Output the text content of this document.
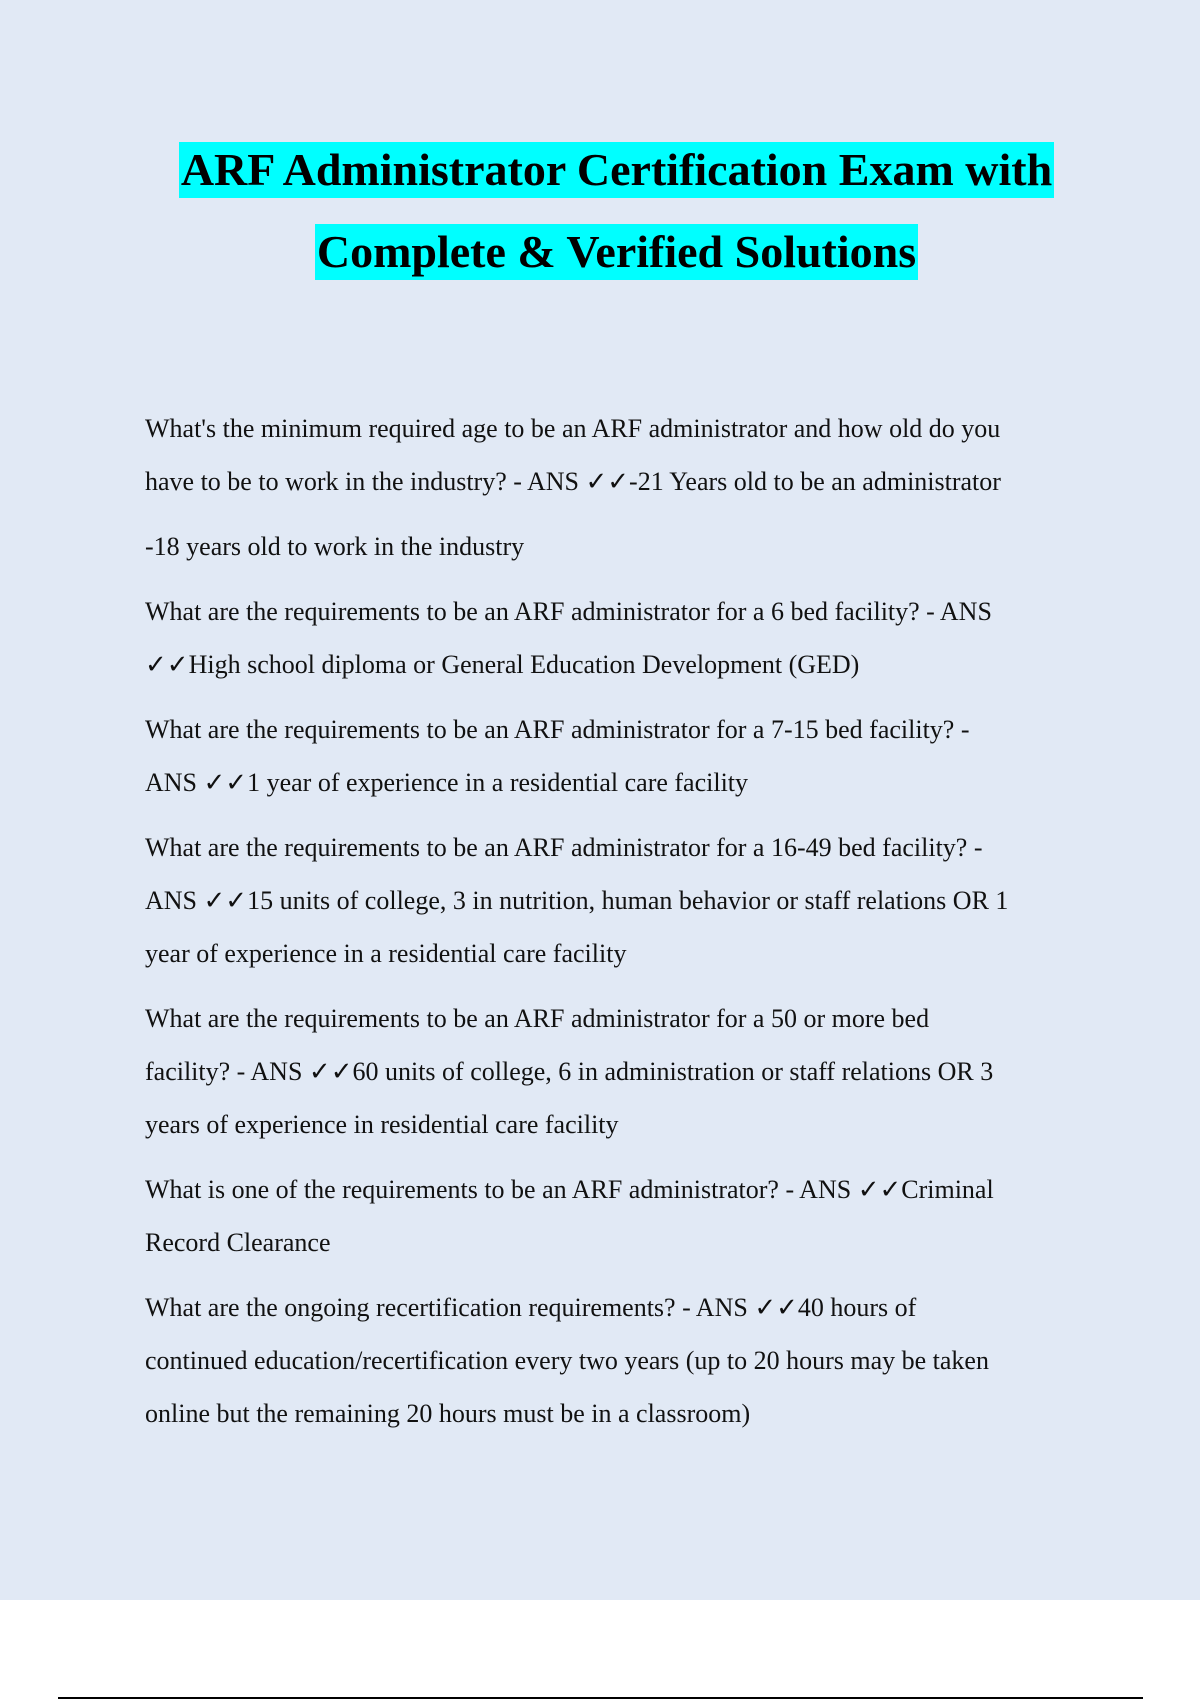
ARF Administrator Certification Exam with
Complete & Verified Solutions
What's the minimum required age to be an ARF administrator and how old do you
have to be to work in the industry? - ANS ✓✓-21 Years old to be an administrator
-18 years old to work in the industry
What are the requirements to be an ARF administrator for a 6 bed facility? - ANS
✓✓High school diploma or General Education Development (GED)
What are the requirements to be an ARF administrator for a 7-15 bed facility? -
ANS ✓✓1 year of experience in a residential care facility
What are the requirements to be an ARF administrator for a 16-49 bed facility? -
ANS ✓✓15 units of college, 3 in nutrition, human behavior or staff relations OR 1
year of experience in a residential care facility
What are the requirements to be an ARF administrator for a 50 or more bed
facility? - ANS ✓✓60 units of college, 6 in administration or staff relations OR 3
years of experience in residential care facility
What is one of the requirements to be an ARF administrator? - ANS ✓✓Criminal
Record Clearance
What are the ongoing recertification requirements? - ANS ✓✓40 hours of
continued education/recertification every two years (up to 20 hours may be taken
online but the remaining 20 hours must be in a classroom)
